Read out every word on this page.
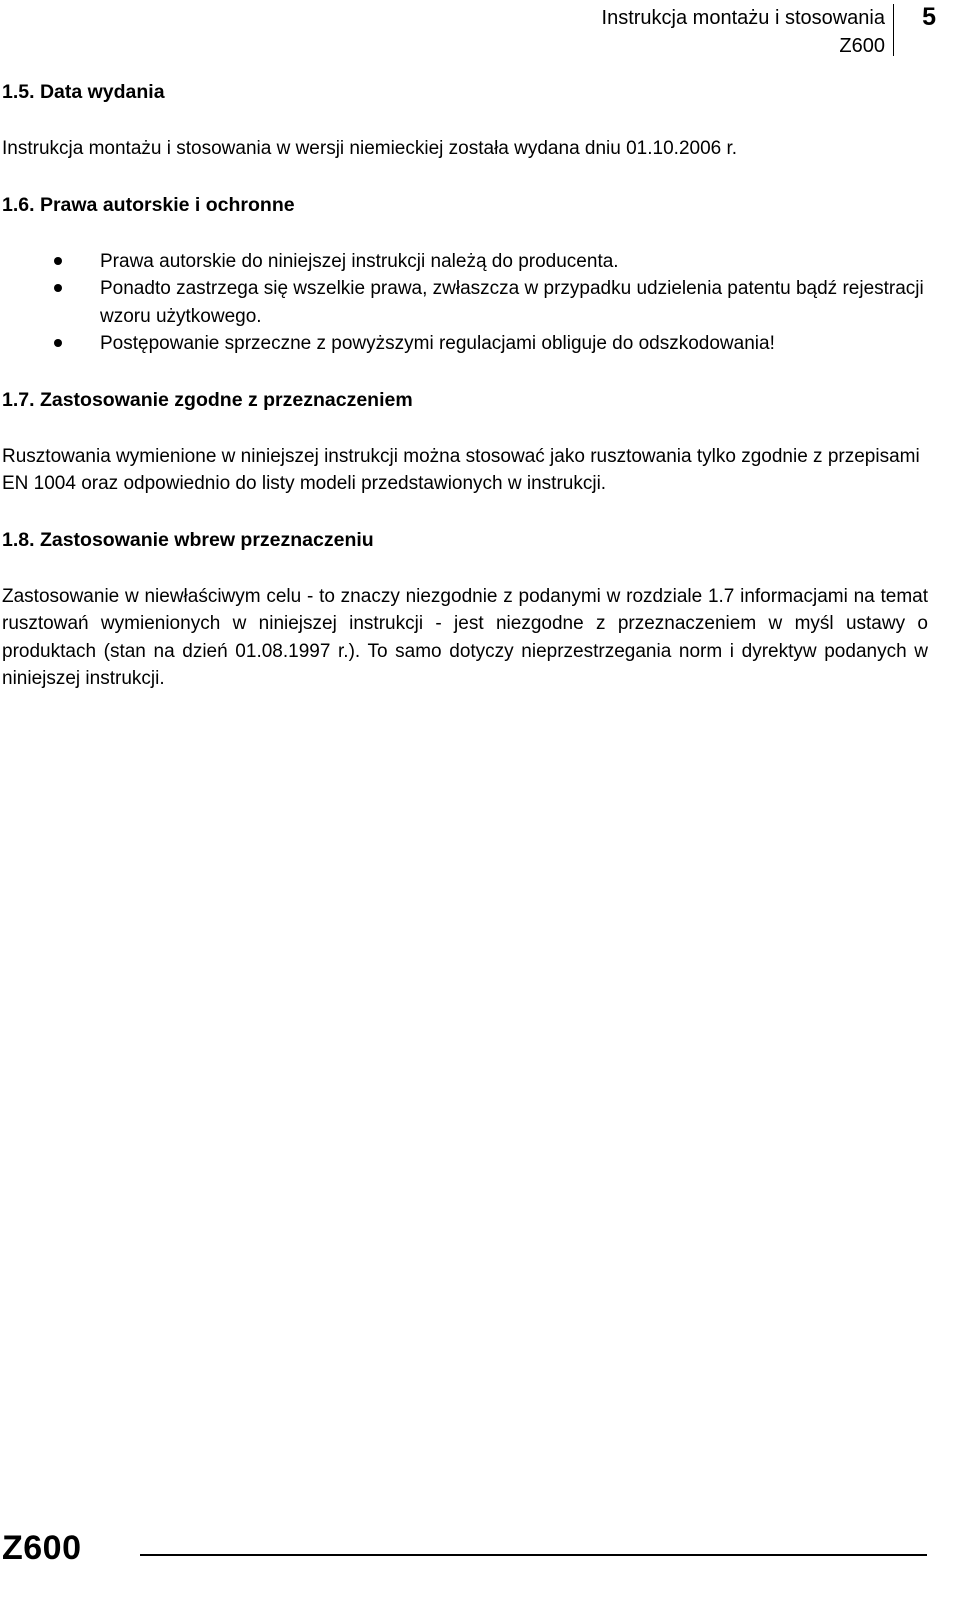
Instrukcja montażu i stosowania
Z600
5

1.5. Data wydania

Instrukcja montażu i stosowania w wersji niemieckiej została wydana dniu 01.10.2006 r.

1.6. Prawa autorskie i ochronne

Prawa autorskie do niniejszej instrukcji należą do producenta.
Ponadto zastrzega się wszelkie prawa, zwłaszcza w przypadku udzielenia patentu bądź rejestracji wzoru użytkowego.
Postępowanie sprzeczne z powyższymi regulacjami obliguje do odszkodowania!

1.7. Zastosowanie zgodne z przeznaczeniem

Rusztowania wymienione w niniejszej instrukcji można stosować jako rusztowania tylko zgodnie z przepisami EN 1004 oraz odpowiednio do listy modeli przedstawionych w instrukcji.

1.8. Zastosowanie wbrew przeznaczeniu

Zastosowanie w niewłaściwym celu - to znaczy niezgodnie z podanymi w rozdziale 1.7 informacjami na temat rusztowań wymienionych w niniejszej instrukcji - jest niezgodne z przeznaczeniem w myśl ustawy o produktach (stan na dzień 01.08.1997 r.). To samo dotyczy nieprzestrzegania norm i dyrektyw podanych w niniejszej instrukcji.

Z600
